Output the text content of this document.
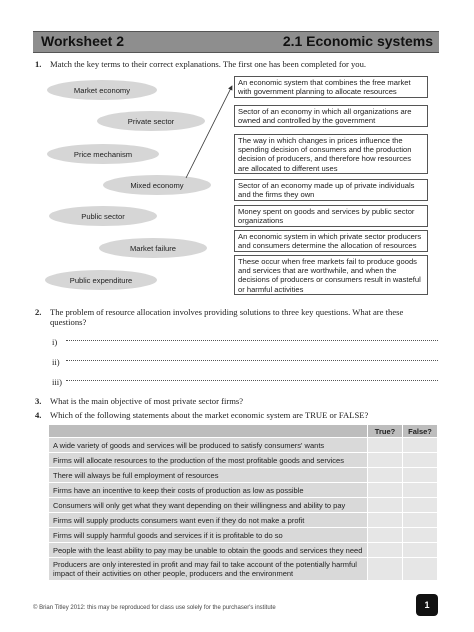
Worksheet 2	2.1 Economic systems
1. Match the key terms to their correct explanations. The first one has been completed for you.
Market economy
Private sector
Price mechanism
Mixed economy
Public sector
Market failure
Public expenditure
An economic system that combines the free market with government planning to allocate resources
Sector of an economy in which all organizations are owned and controlled by the government
The way in which changes in prices influence the spending decision of consumers and the production decision of producers, and therefore how resources are allocated to different uses
Sector of an economy made up of private individuals and the firms they own
Money spent on goods and services by public sector organizations
An economic system in which private sector producers and consumers determine the allocation of resources
These occur when free markets fail to produce goods and services that are worthwhile, and when the decisions of producers or consumers result in wasteful or harmful activities
2. The problem of resource allocation involves providing solutions to three key questions. What are these questions?
i)
ii)
iii)
3. What is the main objective of most private sector firms?
4. Which of the following statements about the market economic system are TRUE or FALSE?
	True?	False?
A wide variety of goods and services will be produced to satisfy consumers' wants		
Firms will allocate resources to the production of the most profitable goods and services		
There will always be full employment of resources		
Firms have an incentive to keep their costs of production as low as possible		
Consumers will only get what they want depending on their willingness and ability to pay		
Firms will supply products consumers want even if they do not make a profit		
Firms will supply harmful goods and services if it is profitable to do so		
People with the least ability to pay may be unable to obtain the goods and services they need		
Producers are only interested in profit and may fail to take account of the potentially harmful impact of their activities on other people, producers and the environment		
© Brian Titley 2012: this may be reproduced for class use solely for the purchaser's institute	1
